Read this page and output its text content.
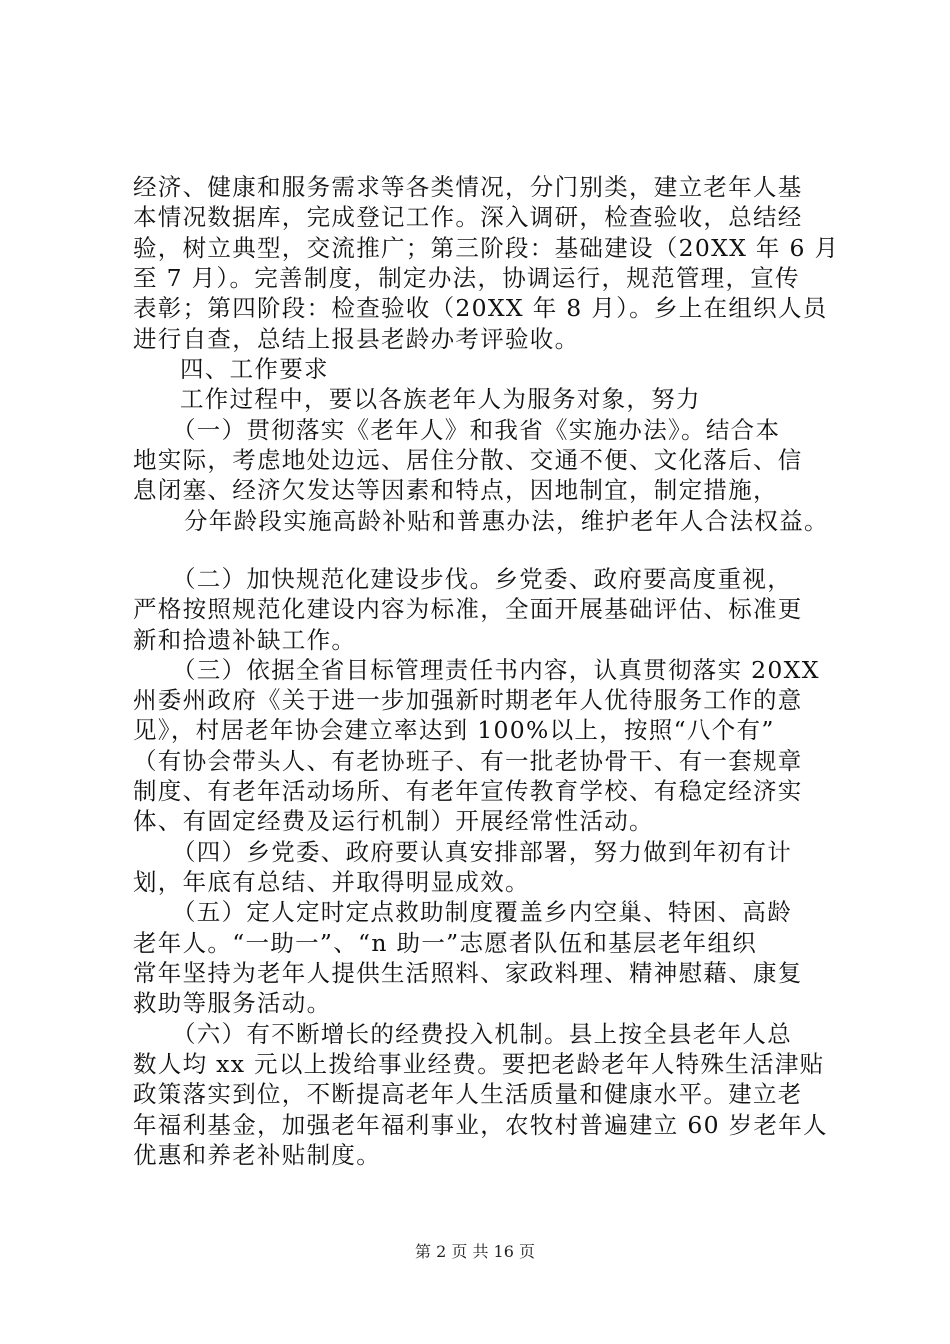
经济、健康和服务需求等各类情况，分门别类，建立老年人基
本情况数据库，完成登记工作。深入调研，检查验收，总结经
验，树立典型，交流推广；第三阶段：基础建设（20XX 年 6 月
至 7 月）。完善制度，制定办法，协调运行，规范管理，宣传
表彰；第四阶段：检查验收（20XX 年 8 月）。乡上在组织人员
进行自查，总结上报县老龄办考评验收。
四、工作要求
工作过程中，要以各族老年人为服务对象，努力
（一）贯彻落实《老年人》和我省《实施办法》。结合本
地实际，考虑地处边远、居住分散、交通不便、文化落后、信
息闭塞、经济欠发达等因素和特点，因地制宜，制定措施，
分年龄段实施高龄补贴和普惠办法，维护老年人合法权益。
（二）加快规范化建设步伐。乡党委、政府要高度重视，
严格按照规范化建设内容为标准，全面开展基础评估、标准更
新和拾遗补缺工作。
（三）依据全省目标管理责任书内容，认真贯彻落实 20XX
州委州政府《关于进一步加强新时期老年人优待服务工作的意
见》，村居老年协会建立率达到 100%以上，按照“八个有”
（有协会带头人、有老协班子、有一批老协骨干、有一套规章
制度、有老年活动场所、有老年宣传教育学校、有稳定经济实
体、有固定经费及运行机制）开展经常性活动。
（四）乡党委、政府要认真安排部署，努力做到年初有计
划，年底有总结、并取得明显成效。
（五）定人定时定点救助制度覆盖乡内空巢、特困、高龄
老年人。“一助一”、“n 助一”志愿者队伍和基层老年组织
常年坚持为老年人提供生活照料、家政料理、精神慰藉、康复
救助等服务活动。
（六）有不断增长的经费投入机制。县上按全县老年人总
数人均 xx 元以上拨给事业经费。要把老龄老年人特殊生活津贴
政策落实到位，不断提高老年人生活质量和健康水平。建立老
年福利基金，加强老年福利事业，农牧村普遍建立 60 岁老年人
优惠和养老补贴制度。
第 2 页 共 16 页
